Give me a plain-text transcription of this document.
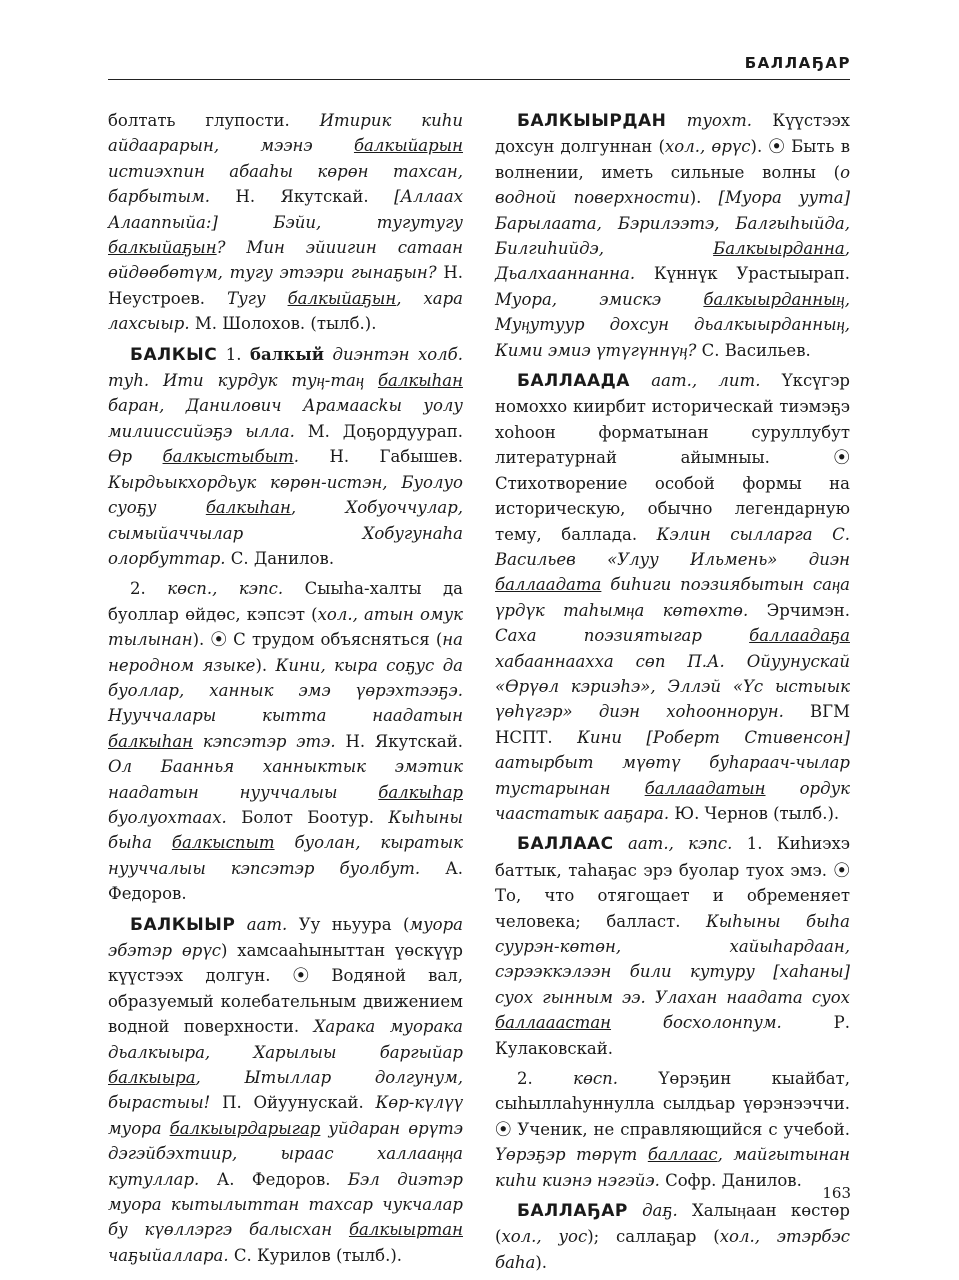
БАЛЛАҔАР

болтать глупости. Итирик киһи айдаарарын, мээнэ балкыйарын истиэхпин абааһы көрөн тахсан, барбытым. Н. Якутскай. [Аллаах Алааппыйа:] Бэйи, тугутугу балкыйаҕын? Мин эйиигин сатаан өйдөөбөтүм, тугу этээри гынаҕын? Н. Неустроев. Тугу балкыйаҕын, хара лахсыыр. М. Шолохов. (тылб.).

БАЛКЫС 1. балкый диэнтэн холб. туһ. Ити курдук туӊ-таӊ балкыһан баран, Данилович Арамаасkы уолу милииссийэҕэ ылла. М. Доҕордуурап. Өр балкыстыбыт. Н. Габышев. Кырдьыкхордьук көрөн-истэн, Буолуо суоҕу балкыһан, Хобуоччулар, сымыйаччылар Хобугунаһа олорбуттар. С. Данилов.

2. көсп., кэпс. Сыыһа-халты да буоллар өйдөс, кэпсэт (хол., атын омук тылынан). ⦿ С трудом объясняться (на неродном языке). Кини, кыра соҕус да буоллар, ханнык эмэ үөрэхтээҕэ. Нууччалары кытта наадатын балкыһан кэпсэтэр этэ. Н. Якутскай. Ол Бааннья ханныктык эмэтик наадатын нууччалыы балкыһар буолуохтаах. Болот Боотур. Кыһыны быһа балкыспыт буолан, кыратык нууччалыы кэпсэтэр буолбут. А. Федоров.

БАЛКЫЫР аат. Уу ньуура (муора эбэтэр өрүс) хамсааһыныттан үөскүүр күүстээх долгун. ⦿ Водяной вал, образуемый колебательным движением водной поверхности. Харака муоракa дьалкыыра, Харылыы баргыйар балкыыра, Ытыллар долгунум, бырастыы! П. Ойуунускай. Көр-күлүү муора балкыырдарыгар уйдаран өрүтэ дэгэйбэхтиир, ырaас халлааӊӊа кутуллар. А. Федоров. Бэл диэтэр муора кытылыттан тахсар чукчалар бу күөллэргэ балысхан балкыыртан чаҕыйаллара. С. Курилов (тылб.).

БАЛКЫЫРДАН туохт. Күүстээх дохсун долгуннан (хол., өрүс). ⦿ Быть в волнении, иметь сильные волны (о водной поверхности). [Муора уута] Барылаата, Бэрилээтэ, Балгыһыйда, Билгиһийдэ, Балкыырданна, Дьалхааннанна. Күннүк Урастыырап. Муора, эмискэ балкыырданныӊ, Муӊутуур дохсун дьалкыырданныӊ, Кими эмиэ үтүгүннүӊ? С. Васильев.

БАЛЛААДА аат., лит. Үксүгэр номоххо киирбит историческай тиэмэҕэ хоһоон форматынан суруллубут литературнай айымныы. ⦿ Стихотворение особой формы на историческую, обычно легендарную тему, баллада. Кэлин сылларга С. Васильев «Улуу Ильмень» диэн баллаадата биһиги поэзиябытын саӊа үрдүк таһымӊа көтөхтө. Эрчимэн. Саха поэзиятыгар баллаадаҕа хабааннаахха сөп П.А. Ойуунускай «Өрүөл кэриэһэ», Эллэй «Үс ыстыык үөһүгэр» диэн хоһооннорун. ВГМ НСПТ. Кини [Роберт Стивенсон] аатырбыт мүөтү буһараач-чылар тустарынан баллаадатын ордук чаастатык ааҕара. Ю. Чернов (тылб.).

БАЛЛААС аат., кэпс. 1. Киһиэхэ баттык, таһаҕас эрэ буолар туох эмэ. ⦿ То, что отягощает и обременяет человека; балласт. Кыһыны быһа суурэн-көтөн, хайыһардаан, сэрээккэлээн били кутуру [хаһаны] суох гынным ээ. Улахан наадата суох баллааастан босхолонnум. Р. Кулаковскай.

2. көсп. Үөрэҕин кыайбат, сыһыллаһуннулла сылдьар үөрэнээччи. ⦿ Ученик, не справляющийся с учебой. Үөрэҕэр төрүт баллаас, майгытынан киһи киэнэ нэгэйэ. Софр. Данилов.

БАЛЛАҔАР даҕ. Халыӊаан көстөр (хол., уос); саллаҕар (хол., этэрбэс баһа).

163
